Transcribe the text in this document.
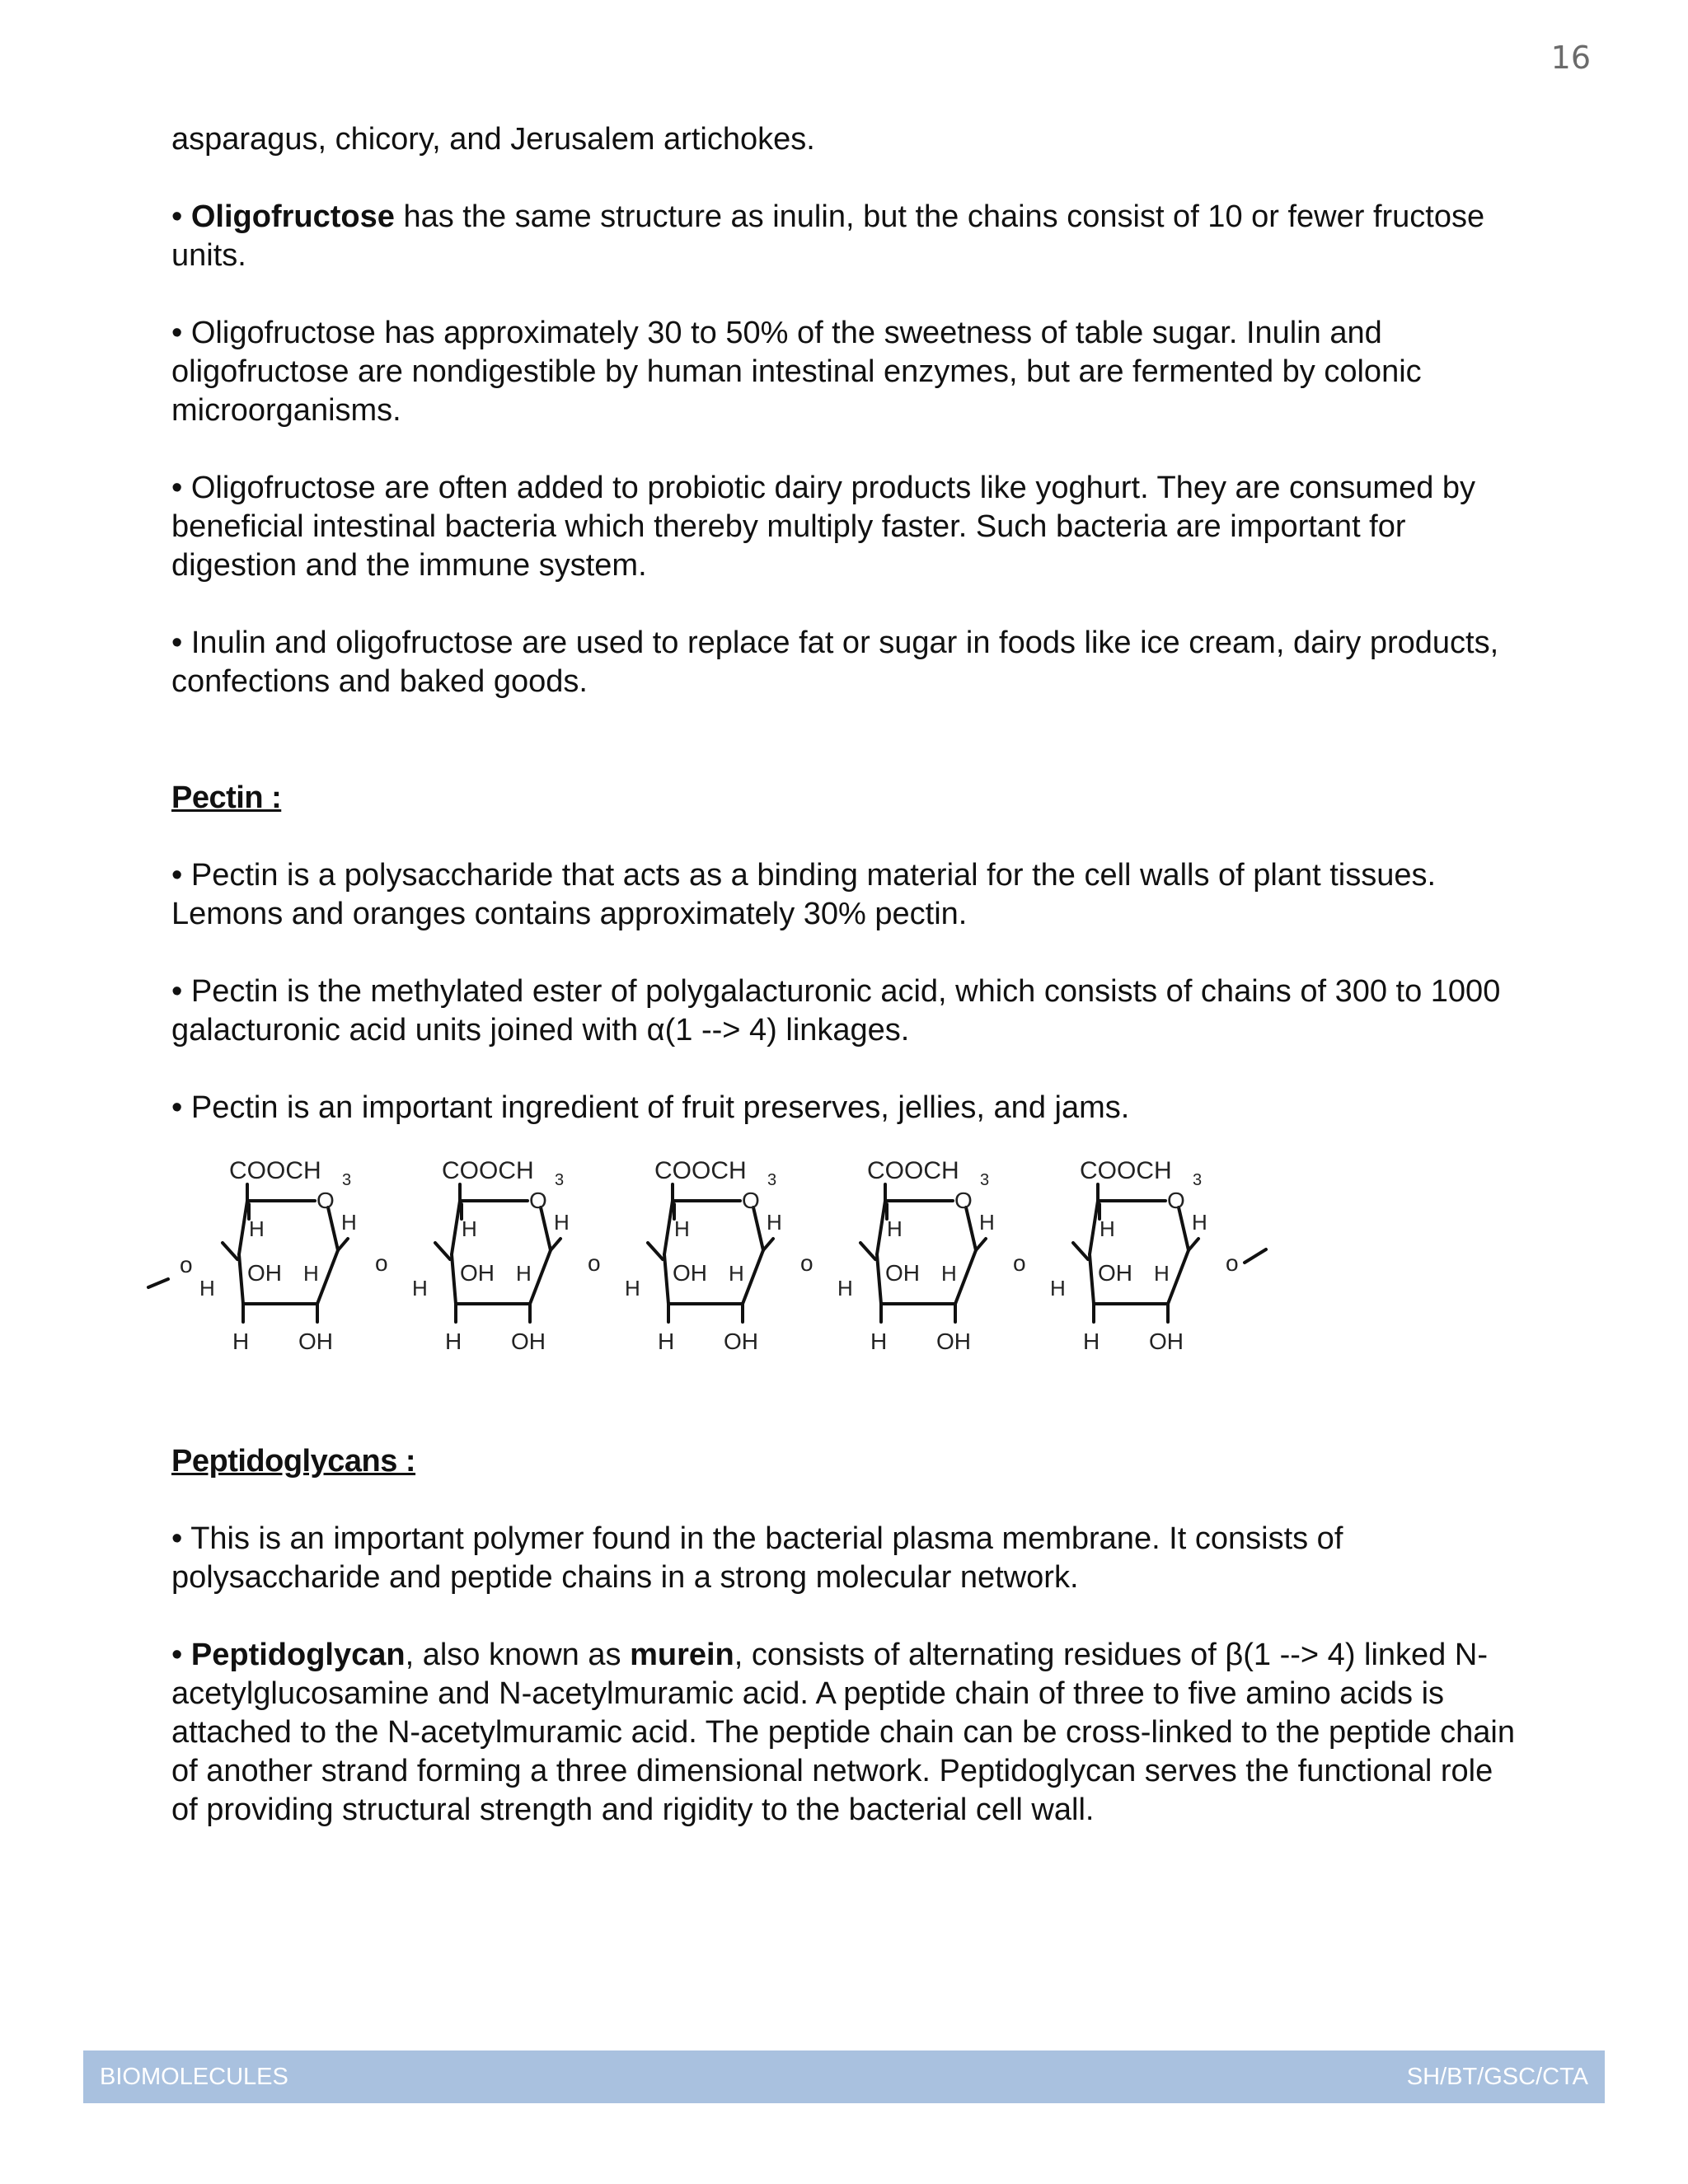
16

asparagus, chicory, and Jerusalem artichokes.

• Oligofructose has the same structure as inulin, but the chains consist of 10 or fewer fructose units.

• Oligofructose has approximately 30 to 50% of the sweetness of table sugar. Inulin and oligofructose are nondigestible by human intestinal enzymes, but are fermented by colonic microorganisms.

• Oligofructose are often added to probiotic dairy products like yoghurt. They are consumed by beneficial intestinal bacteria which thereby multiply faster. Such bacteria are important for digestion and the immune system.

• Inulin and oligofructose are used to replace fat or sugar in foods like ice cream, dairy products, confections and baked goods.

Pectin :

• Pectin is a polysaccharide that acts as a binding material for the cell walls of plant tissues. Lemons and oranges contains approximately 30% pectin.

• Pectin is the methylated ester of polygalacturonic acid, which consists of chains of 300 to 1000 galacturonic acid units joined with α(1 --> 4) linkages.

• Pectin is an important ingredient of fruit preserves, jellies, and jams.

COOCH 3
O
H	H
OH H
H
H OH
o
COOCH 3
O
H	H
OH H
H
H OH
o
COOCH 3
O
H	H
OH H
H
H OH
o
COOCH 3
O
H	H
OH H
H
H OH
o
COOCH 3
O
H	H
OH H
H
H OH
o
o

Peptidoglycans :

• This is an important polymer found in the bacterial plasma membrane. It consists of polysaccharide and peptide chains in a strong molecular network.

• Peptidoglycan, also known as murein, consists of alternating residues of β(1 --> 4) linked N-acetylglucosamine and N-acetylmuramic acid. A peptide chain of three to five amino acids is attached to the N-acetylmuramic acid. The peptide chain can be cross-linked to the peptide chain of another strand forming a three dimensional network. Peptidoglycan serves the functional role of providing structural strength and rigidity to the bacterial cell wall.

BIOMOLECULES	SH/BT/GSC/CTA
